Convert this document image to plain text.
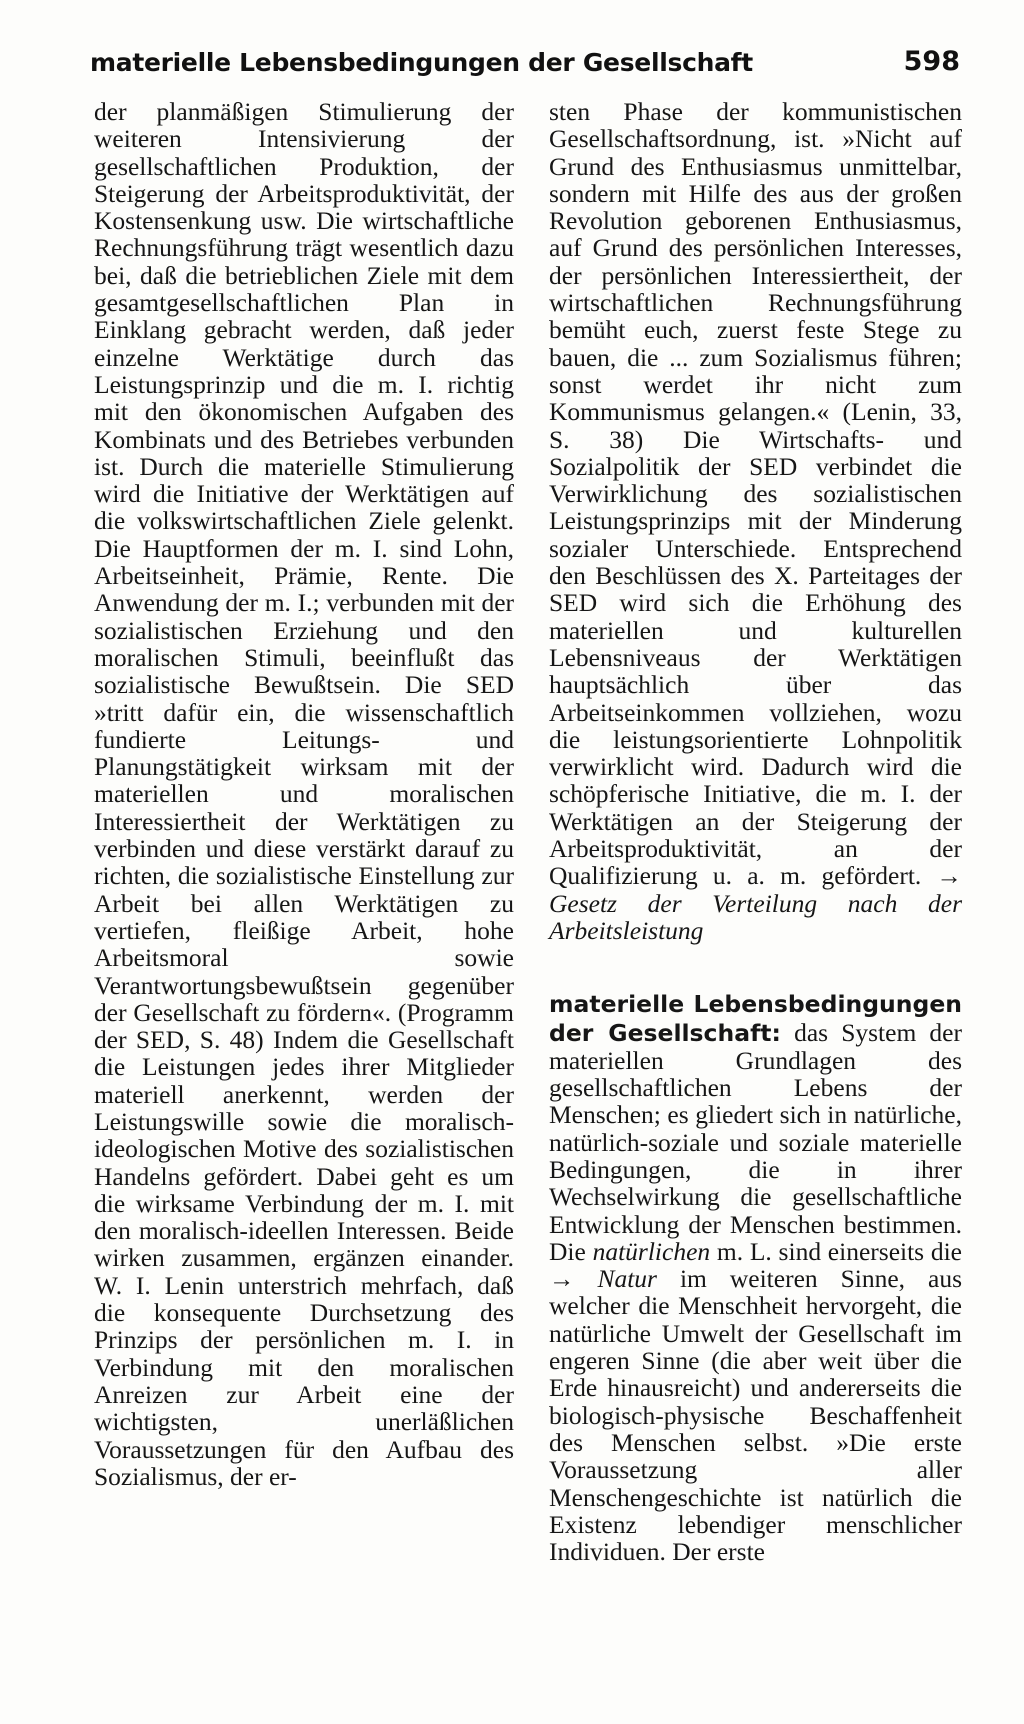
materielle Lebensbedingungen der Gesellschaft	598

der planmäßigen Stimulierung der weiteren Intensivierung der gesellschaftlichen Produktion, der Steigerung der Arbeitsproduktivität, der Kostensenkung usw. Die wirtschaftliche Rechnungsführung trägt wesentlich dazu bei, daß die betrieblichen Ziele mit dem gesamtgesellschaftlichen Plan in Einklang gebracht werden, daß jeder einzelne Werktätige durch das Leistungsprinzip und die m. I. richtig mit den ökonomischen Aufgaben des Kombinats und des Betriebes verbunden ist. Durch die materielle Stimulierung wird die Initiative der Werktätigen auf die volkswirtschaftlichen Ziele gelenkt. Die Hauptformen der m. I. sind Lohn, Arbeitseinheit, Prämie, Rente. Die Anwendung der m. I.; verbunden mit der sozialistischen Erziehung und den moralischen Stimuli, beeinflußt das sozialistische Bewußtsein. Die SED »tritt dafür ein, die wissenschaftlich fundierte Leitungs- und Planungstätigkeit wirksam mit der materiellen und moralischen Interessiertheit der Werktätigen zu verbinden und diese verstärkt darauf zu richten, die sozialistische Einstellung zur Arbeit bei allen Werktätigen zu vertiefen, fleißige Arbeit, hohe Arbeitsmoral sowie Verantwortungsbewußtsein gegenüber der Gesellschaft zu fördern«. (Programm der SED, S. 48) Indem die Gesellschaft die Leistungen jedes ihrer Mitglieder materiell anerkennt, werden der Leistungswille sowie die moralisch-ideologischen Motive des sozialistischen Handelns gefördert. Dabei geht es um die wirksame Verbindung der m. I. mit den moralisch-ideellen Interessen. Beide wirken zusammen, ergänzen einander. W. I. Lenin unterstrich mehrfach, daß die konsequente Durchsetzung des Prinzips der persönlichen m. I. in Verbindung mit den moralischen Anreizen zur Arbeit eine der wichtigsten, unerläßlichen Voraussetzungen für den Aufbau des Sozialismus, der er-

sten Phase der kommunistischen Gesellschaftsordnung, ist. »Nicht auf Grund des Enthusiasmus unmittelbar, sondern mit Hilfe des aus der großen Revolution geborenen Enthusiasmus, auf Grund des persönlichen Interesses, der persönlichen Interessiertheit, der wirtschaftlichen Rechnungsführung bemüht euch, zuerst feste Stege zu bauen, die ... zum Sozialismus führen; sonst werdet ihr nicht zum Kommunismus gelangen.« (Lenin, 33, S. 38) Die Wirtschafts- und Sozialpolitik der SED verbindet die Verwirklichung des sozialistischen Leistungsprinzips mit der Minderung sozialer Unterschiede. Entsprechend den Beschlüssen des X. Parteitages der SED wird sich die Erhöhung des materiellen und kulturellen Lebensniveaus der Werktätigen hauptsächlich über das Arbeitseinkommen vollziehen, wozu die leistungsorientierte Lohnpolitik verwirklicht wird. Dadurch wird die schöpferische Initiative, die m. I. der Werktätigen an der Steigerung der Arbeitsproduktivität, an der Qualifizierung u. a. m. gefördert. → Gesetz der Verteilung nach der Arbeitsleistung

materielle Lebensbedingungen der Gesellschaft: das System der materiellen Grundlagen des gesellschaftlichen Lebens der Menschen; es gliedert sich in natürliche, natürlich-soziale und soziale materielle Bedingungen, die in ihrer Wechselwirkung die gesellschaftliche Entwicklung der Menschen bestimmen. Die natürlichen m. L. sind einerseits die → Natur im weiteren Sinne, aus welcher die Menschheit hervorgeht, die natürliche Umwelt der Gesellschaft im engeren Sinne (die aber weit über die Erde hinausreicht) und andererseits die biologisch-physische Beschaffenheit des Menschen selbst. »Die erste Voraussetzung aller Menschengeschichte ist natürlich die Existenz lebendiger menschlicher Individuen. Der erste
